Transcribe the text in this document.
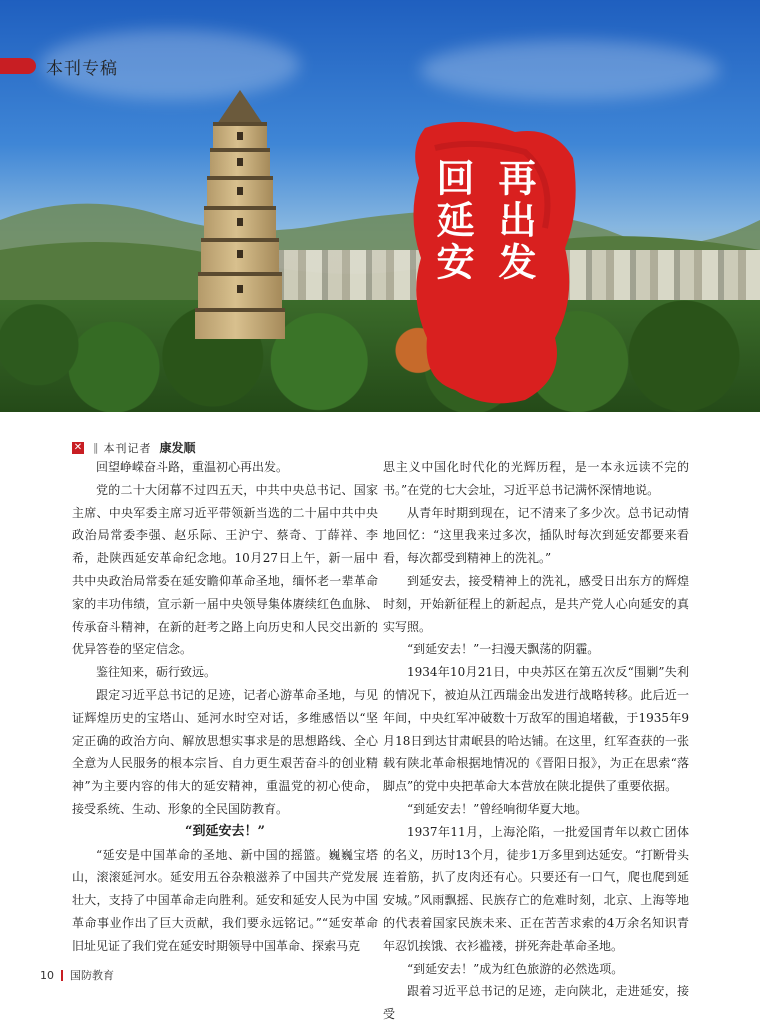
本刊专稿
再出发
回延安
✕ ‖ 本刊记者 康发顺

回望峥嵘奋斗路，重温初心再出发。

党的二十大闭幕不过四五天，中共中央总书记、国家主席、中央军委主席习近平带领新当选的二十届中共中央政治局常委李强、赵乐际、王沪宁、蔡奇、丁薛祥、李希，赴陕西延安革命纪念地。10月27日上午，新一届中共中央政治局常委在延安瞻仰革命圣地，缅怀老一辈革命家的丰功伟绩，宣示新一届中央领导集体赓续红色血脉、传承奋斗精神，在新的赶考之路上向历史和人民交出新的优异答卷的坚定信念。

鉴往知来，砺行致远。

跟定习近平总书记的足迹，记者心游革命圣地，与见证辉煌历史的宝塔山、延河水时空对话，多维感悟以“坚定正确的政治方向、解放思想实事求是的思想路线、全心全意为人民服务的根本宗旨、自力更生艰苦奋斗的创业精神”为主要内容的伟大的延安精神，重温党的初心使命，接受系统、生动、形象的全民国防教育。

“到延安去！”

“延安是中国革命的圣地、新中国的摇篮。巍巍宝塔山，滚滚延河水。延安用五谷杂粮滋养了中国共产党发展壮大，支持了中国革命走向胜利。延安和延安人民为中国革命事业作出了巨大贡献，我们要永远铭记。”“延安革命旧址见证了我们党在延安时期领导中国革命、探索马克

思主义中国化时代化的光辉历程，是一本永远读不完的书。”在党的七大会址，习近平总书记满怀深情地说。

从青年时期到现在，记不清来了多少次。总书记动情地回忆：“这里我来过多次，插队时每次到延安都要来看看，每次都受到精神上的洗礼。”

到延安去，接受精神上的洗礼，感受日出东方的辉煌时刻，开始新征程上的新起点，是共产党人心向延安的真实写照。

“到延安去！”一扫漫天飘荡的阴霾。

1934年10月21日，中央苏区在第五次反“围剿”失利的情况下，被迫从江西瑞金出发进行战略转移。此后近一年间，中央红军冲破数十万敌军的围追堵截，于1935年9月18日到达甘肃岷县的哈达铺。在这里，红军查获的一张载有陕北革命根据地情况的《晋阳日报》，为正在思索“落脚点”的党中央把革命大本营放在陕北提供了重要依据。

“到延安去！”曾经响彻华夏大地。

1937年11月，上海沦陷，一批爱国青年以救亡团体的名义，历时13个月，徒步1万多里到达延安。“打断骨头连着筋，扒了皮肉还有心。只要还有一口气，爬也爬到延安城。”风雨飘摇、民族存亡的危难时刻，北京、上海等地的代表着国家民族未来、正在苦苦求索的4万余名知识青年忍饥挨饿、衣衫褴褛，拼死奔赴革命圣地。

“到延安去！”成为红色旅游的必然选项。

跟着习近平总书记的足迹，走向陕北，走进延安，接受

10 国防教育
